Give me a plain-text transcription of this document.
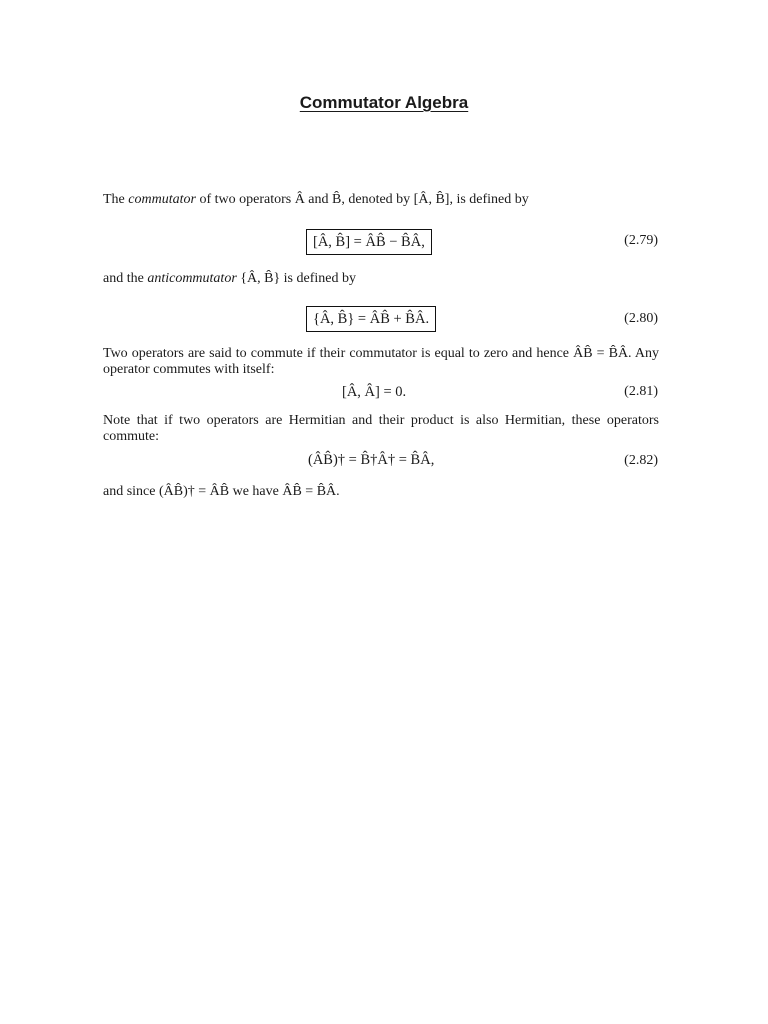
Commutator Algebra
The commutator of two operators Â and B̂, denoted by [Â, B̂], is defined by
[Â, B̂] = ÂB̂ − B̂Â,	(2.79)
and the anticommutator {Â, B̂} is defined by
{Â, B̂} = ÂB̂ + B̂Â.	(2.80)
Two operators are said to commute if their commutator is equal to zero and hence ÂB̂ = B̂Â. Any operator commutes with itself:
[Â, Â] = 0.	(2.81)
Note that if two operators are Hermitian and their product is also Hermitian, these operators commute:
(ÂB̂)† = B̂†Â† = B̂Â,	(2.82)
and since (ÂB̂)† = ÂB̂ we have ÂB̂ = B̂Â.
